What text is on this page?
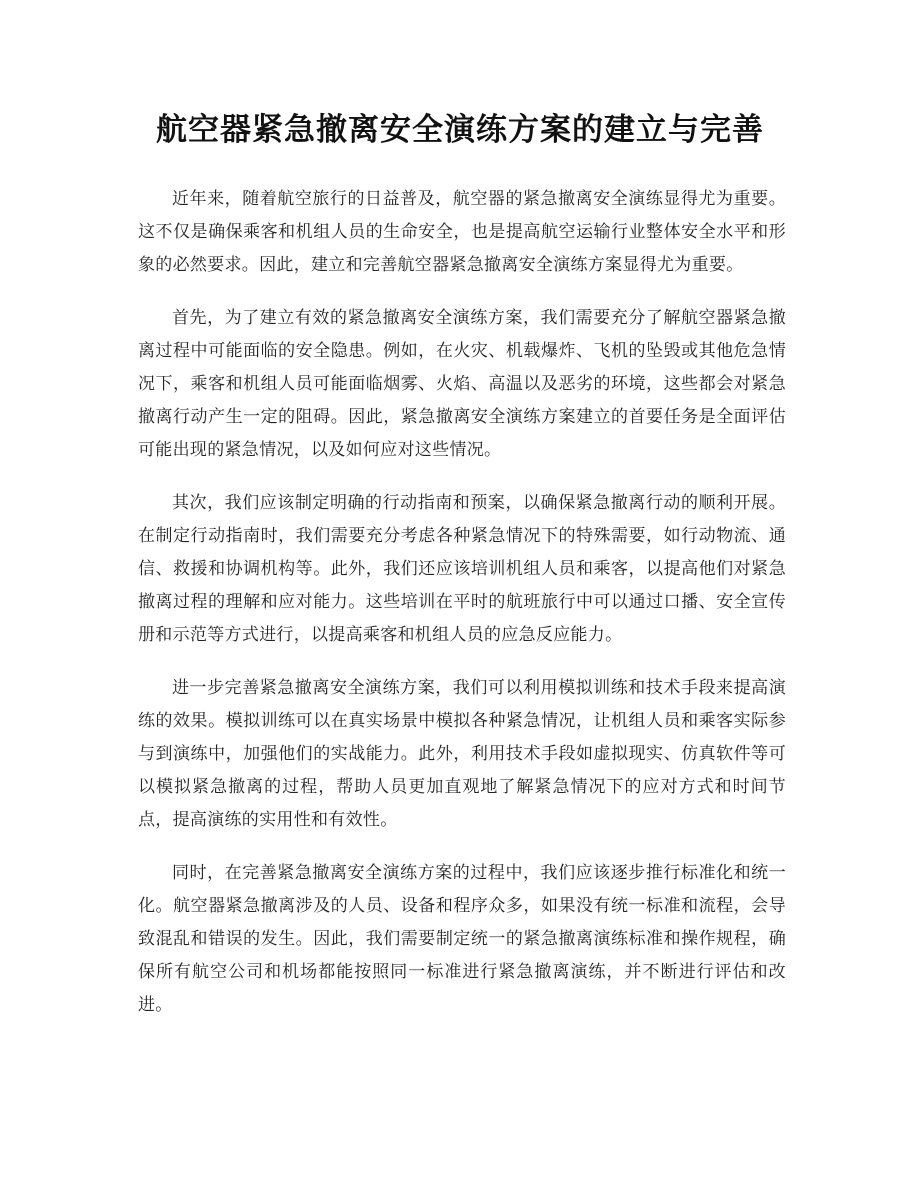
航空器紧急撤离安全演练方案的建立与完善

近年来，随着航空旅行的日益普及，航空器的紧急撤离安全演练显得尤为重要。这不仅是确保乘客和机组人员的生命安全，也是提高航空运输行业整体安全水平和形象的必然要求。因此，建立和完善航空器紧急撤离安全演练方案显得尤为重要。

首先，为了建立有效的紧急撤离安全演练方案，我们需要充分了解航空器紧急撤离过程中可能面临的安全隐患。例如，在火灾、机载爆炸、飞机的坠毁或其他危急情况下，乘客和机组人员可能面临烟雾、火焰、高温以及恶劣的环境，这些都会对紧急撤离行动产生一定的阻碍。因此，紧急撤离安全演练方案建立的首要任务是全面评估可能出现的紧急情况，以及如何应对这些情况。

其次，我们应该制定明确的行动指南和预案，以确保紧急撤离行动的顺利开展。在制定行动指南时，我们需要充分考虑各种紧急情况下的特殊需要，如行动物流、通信、救援和协调机构等。此外，我们还应该培训机组人员和乘客，以提高他们对紧急撤离过程的理解和应对能力。这些培训在平时的航班旅行中可以通过口播、安全宣传册和示范等方式进行，以提高乘客和机组人员的应急反应能力。

进一步完善紧急撤离安全演练方案，我们可以利用模拟训练和技术手段来提高演练的效果。模拟训练可以在真实场景中模拟各种紧急情况，让机组人员和乘客实际参与到演练中，加强他们的实战能力。此外，利用技术手段如虚拟现实、仿真软件等可以模拟紧急撤离的过程，帮助人员更加直观地了解紧急情况下的应对方式和时间节点，提高演练的实用性和有效性。

同时，在完善紧急撤离安全演练方案的过程中，我们应该逐步推行标准化和统一化。航空器紧急撤离涉及的人员、设备和程序众多，如果没有统一标准和流程，会导致混乱和错误的发生。因此，我们需要制定统一的紧急撤离演练标准和操作规程，确保所有航空公司和机场都能按照同一标准进行紧急撤离演练，并不断进行评估和改进。
